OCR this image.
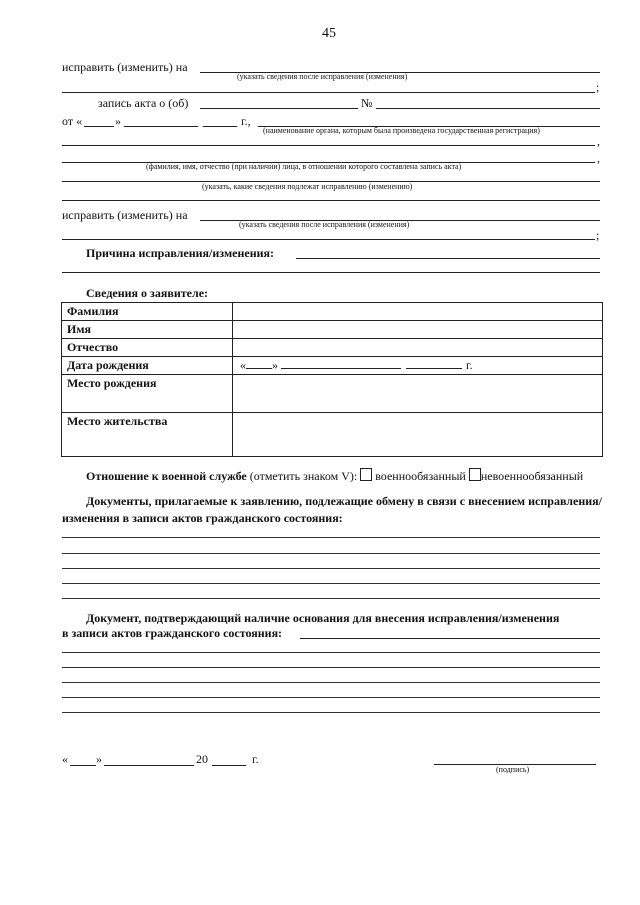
45
исправить (изменить) на
(указать сведения после исправления (изменения)
;
запись акта о (об)	№
от «	»	г.,
(наименование органа, которым была произведена государственная регистрация)
,
,
(фамилия, имя, отчество (при наличии) лица, в отношении которого составлена запись акта)
(указать, какие сведения подлежат исправлению (изменению)
исправить (изменить) на
(указать сведения после исправления (изменения)
;
Причина исправления/изменения:
Сведения о заявителе:
Фамилия	
Имя	
Отчество	
Дата рождения	« » г.
Место рождения	
Место жительства	
Отношение к военной службе (отметить знаком V): военнообязанный невоеннообязанный
Документы, прилагаемые к заявлению, подлежащие обмену в связи с внесением исправления/изменения в записи актов гражданского состояния:
Документ, подтверждающий наличие основания для внесения исправления/изменения
в записи актов гражданского состояния:
« »	20	г.
(подпись)
